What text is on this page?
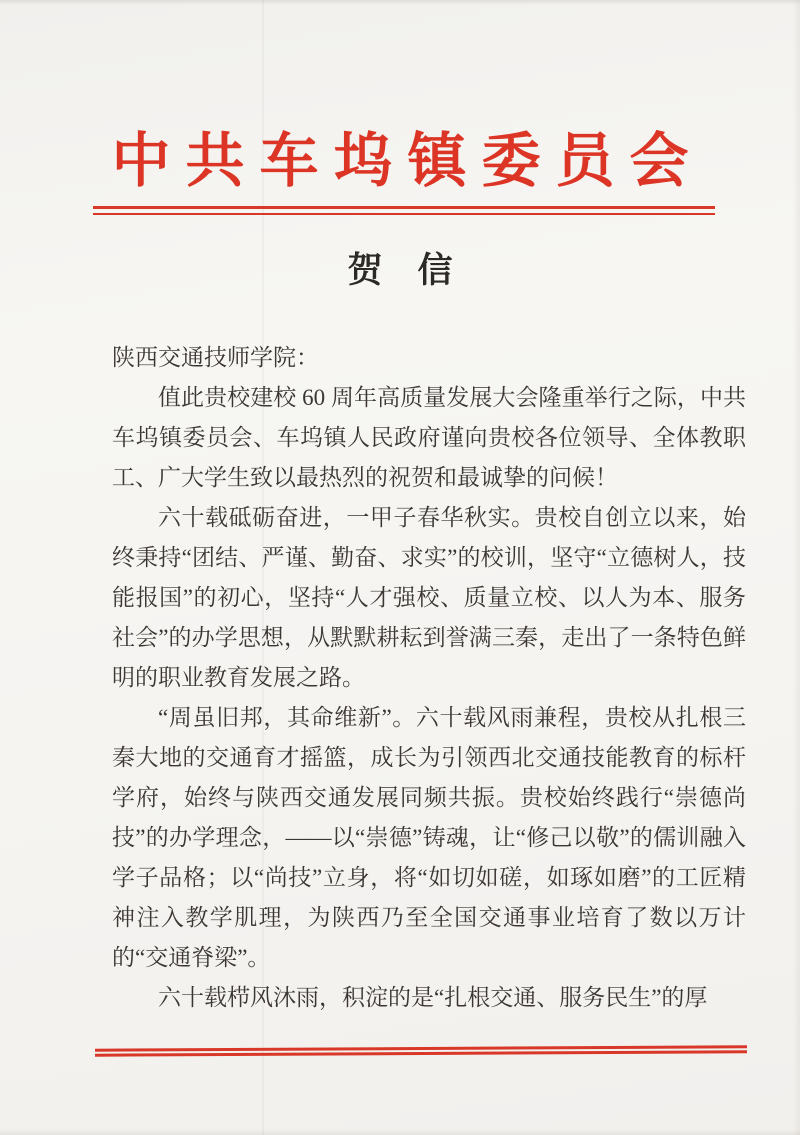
中共车坞镇委员会
贺　信

陕西交通技师学院：

值此贵校建校 60 周年高质量发展大会隆重举行之际，中共车坞镇委员会、车坞镇人民政府谨向贵校各位领导、全体教职工、广大学生致以最热烈的祝贺和最诚挚的问候！

六十载砥砺奋进，一甲子春华秋实。贵校自创立以来，始终秉持“团结、严谨、勤奋、求实”的校训，坚守“立德树人，技能报国”的初心，坚持“人才强校、质量立校、以人为本、服务社会”的办学思想，从默默耕耘到誉满三秦，走出了一条特色鲜明的职业教育发展之路。

“周虽旧邦，其命维新”。六十载风雨兼程，贵校从扎根三秦大地的交通育才摇篮，成长为引领西北交通技能教育的标杆学府，始终与陕西交通发展同频共振。贵校始终践行“崇德尚技”的办学理念，——以“崇德”铸魂，让“修己以敬”的儒训融入学子品格；以“尚技”立身，将“如切如磋，如琢如磨”的工匠精神注入教学肌理，为陕西乃至全国交通事业培育了数以万计的“交通脊梁”。

六十载栉风沐雨，积淀的是“扎根交通、服务民生”的厚
